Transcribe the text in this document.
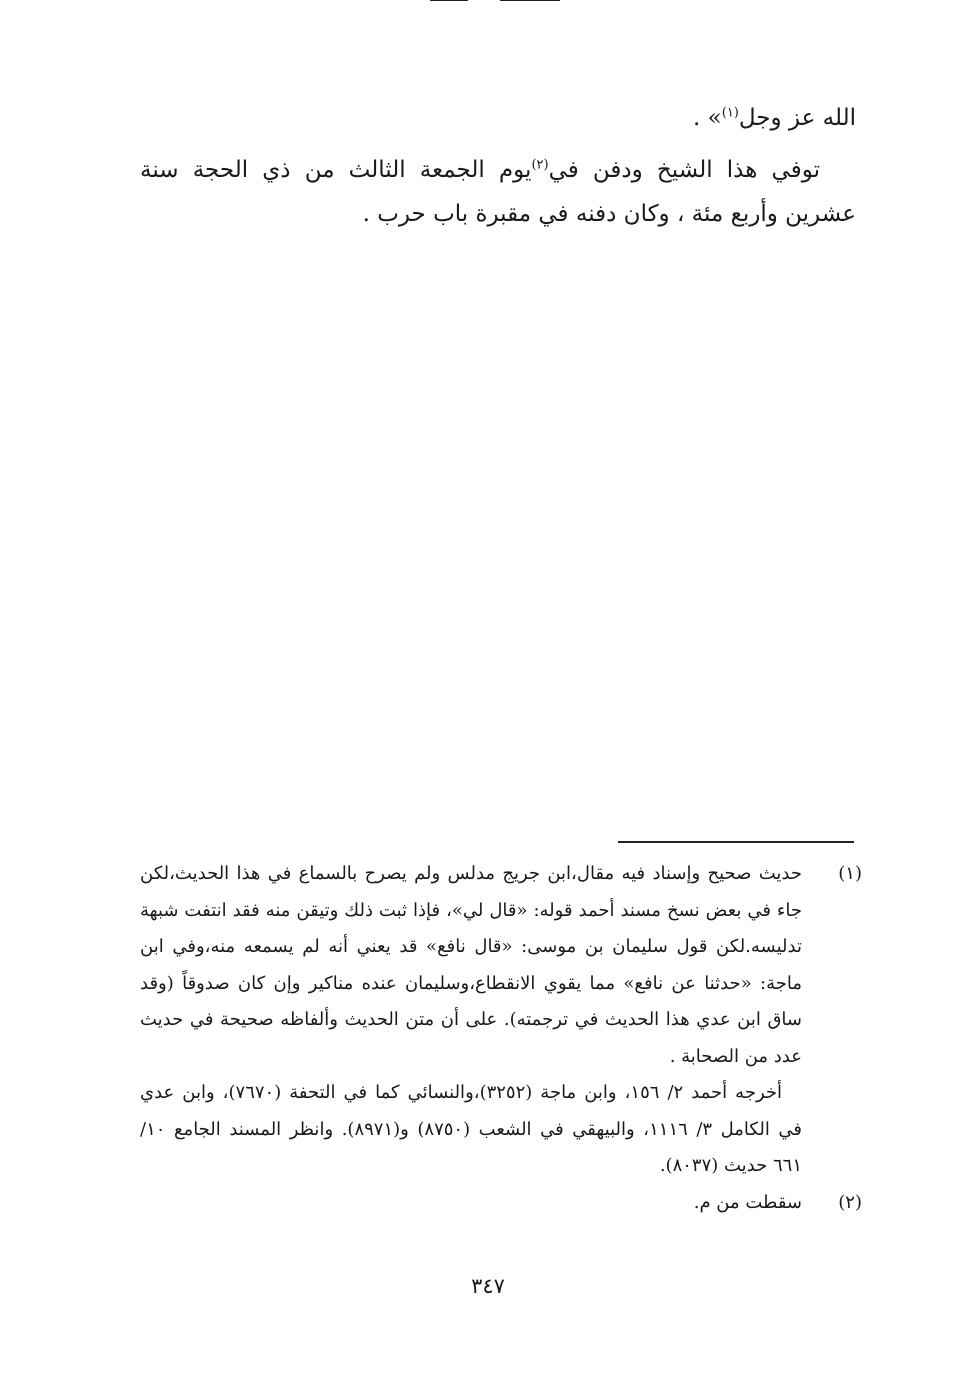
الله عز وجل$^{(١)}$» .

توفي هذا الشيخ ودفن في$^{(٢)}$يوم الجمعة الثالث من ذي الحجة سنة عشرين وأربع مئة ، وكان دفنه في مقبرة باب حرب .

(١)

حديث صحيح وإسناد فيه مقال،ابن جريج مدلس ولم يصرح بالسماع في هذا الحديث،لكن جاء في بعض نسخ مسند أحمد قوله: «قال لي»، فإذا ثبت ذلك وتيقن منه فقد انتفت شبهة تدليسه.لكن قول سليمان بن موسى: «قال نافع» قد يعني أنه لم يسمعه منه،وفي ابن ماجة: «حدثنا عن نافع» مما يقوي الانقطاع،وسليمان عنده مناكير وإن كان صدوقاً (وقد ساق ابن عدي هذا الحديث في ترجمته). على أن متن الحديث وألفاظه صحيحة في حديث عدد من الصحابة .

أخرجه أحمد ٢/ ١٥٦، وابن ماجة (٣٢٥٢)،والنسائي كما في التحفة (٧٦٧٠)، وابن عدي في الكامل ٣/ ١١١٦، والبيهقي في الشعب (٨٧٥٠) و(٨٩٧١). وانظر المسند الجامع ١٠/ ٦٦١ حديث (٨٠٣٧).

(٢)

سقطت من م.

٣٤٧
